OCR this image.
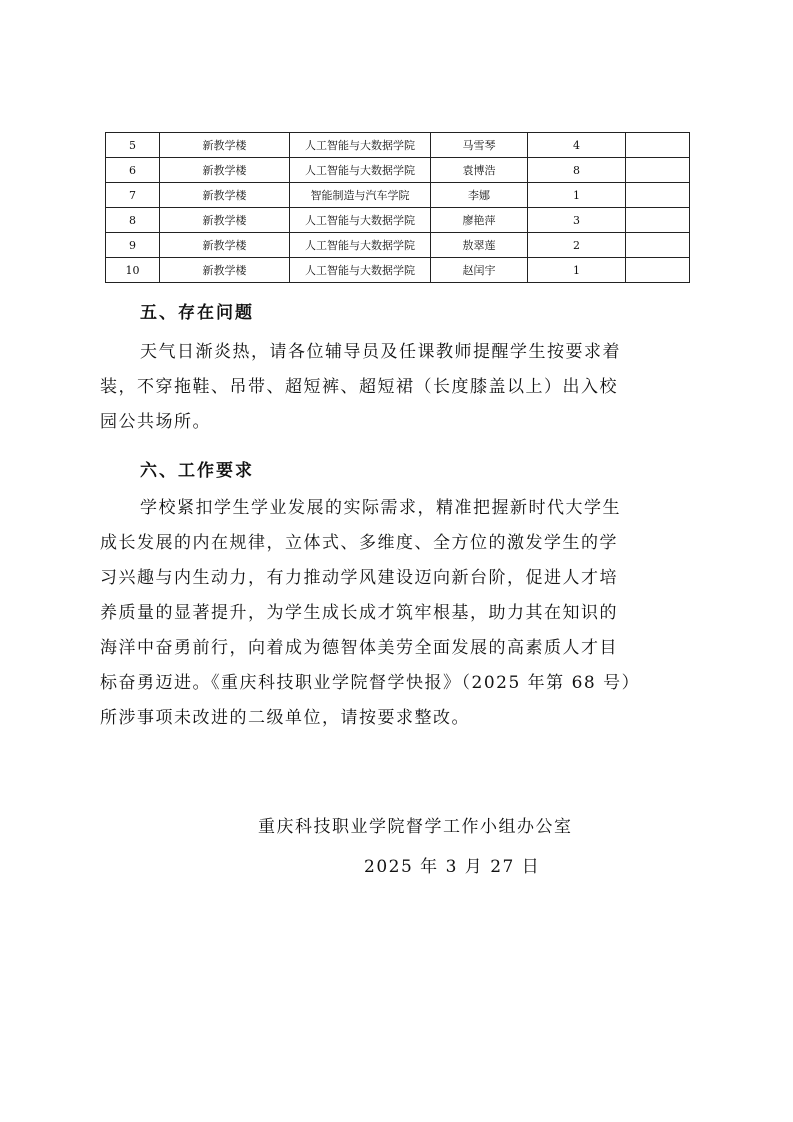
5	新教学楼	人工智能与大数据学院	马雪琴	4	
6	新教学楼	人工智能与大数据学院	袁博浩	8	
7	新教学楼	智能制造与汽车学院	李娜	1	
8	新教学楼	人工智能与大数据学院	廖艳萍	3	
9	新教学楼	人工智能与大数据学院	敖翠莲	2	
10	新教学楼	人工智能与大数据学院	赵闰宇	1	
五、存在问题
天气日渐炎热，请各位辅导员及任课教师提醒学生按要求着
装，不穿拖鞋、吊带、超短裤、超短裙（长度膝盖以上）出入校
园公共场所。
六、工作要求
学校紧扣学生学业发展的实际需求，精准把握新时代大学生
成长发展的内在规律，立体式、多维度、全方位的激发学生的学
习兴趣与内生动力，有力推动学风建设迈向新台阶，促进人才培
养质量的显著提升，为学生成长成才筑牢根基，助力其在知识的
海洋中奋勇前行，向着成为德智体美劳全面发展的高素质人才目
标奋勇迈进。《重庆科技职业学院督学快报》（2025 年第 68 号）
所涉事项未改进的二级单位，请按要求整改。

重庆科技职业学院督学工作小组办公室

2025 年 3 月 27 日
